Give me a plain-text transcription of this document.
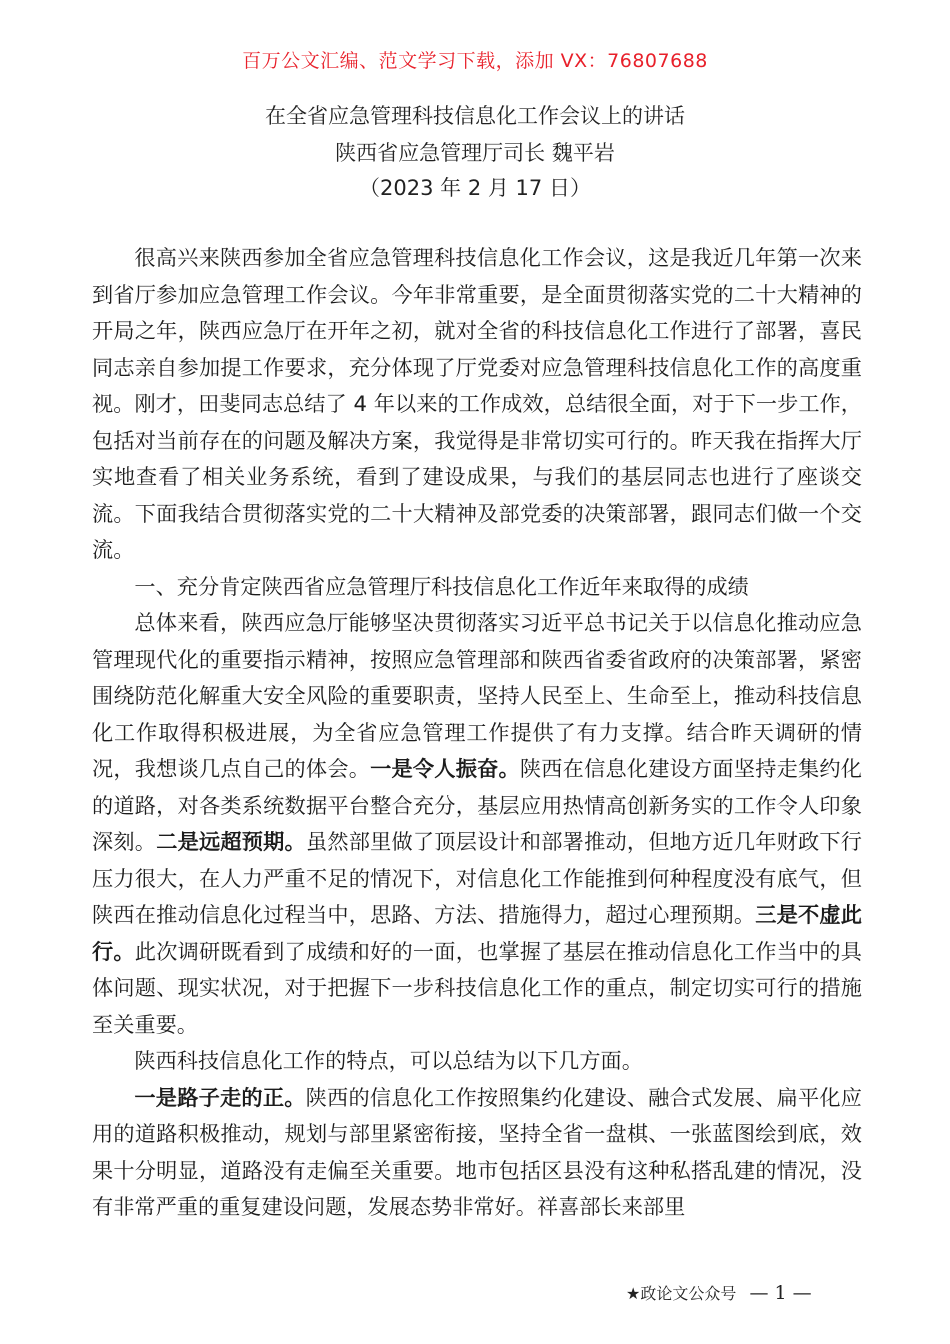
百万公文汇编、范文学习下载，添加 VX：76807688
在全省应急管理科技信息化工作会议上的讲话
陕西省应急管理厅司长 魏平岩
（2023 年 2 月 17 日）

很高兴来陕西参加全省应急管理科技信息化工作会议，这是我近几年第一次来到省厅参加应急管理工作会议。今年非常重要，是全面贯彻落实党的二十大精神的开局之年，陕西应急厅在开年之初，就对全省的科技信息化工作进行了部署，喜民同志亲自参加提工作要求，充分体现了厅党委对应急管理科技信息化工作的高度重视。刚才，田斐同志总结了 4 年以来的工作成效，总结很全面，对于下一步工作，包括对当前存在的问题及解决方案，我觉得是非常切实可行的。昨天我在指挥大厅实地查看了相关业务系统，看到了建设成果，与我们的基层同志也进行了座谈交流。下面我结合贯彻落实党的二十大精神及部党委的决策部署，跟同志们做一个交流。

一、充分肯定陕西省应急管理厅科技信息化工作近年来取得的成绩

总体来看，陕西应急厅能够坚决贯彻落实习近平总书记关于以信息化推动应急管理现代化的重要指示精神，按照应急管理部和陕西省委省政府的决策部署，紧密围绕防范化解重大安全风险的重要职责，坚持人民至上、生命至上，推动科技信息化工作取得积极进展，为全省应急管理工作提供了有力支撑。结合昨天调研的情况，我想谈几点自己的体会。一是令人振奋。陕西在信息化建设方面坚持走集约化的道路，对各类系统数据平台整合充分，基层应用热情高创新务实的工作令人印象深刻。二是远超预期。虽然部里做了顶层设计和部署推动，但地方近几年财政下行压力很大，在人力严重不足的情况下，对信息化工作能推到何种程度没有底气，但陕西在推动信息化过程当中，思路、方法、措施得力，超过心理预期。三是不虚此行。此次调研既看到了成绩和好的一面，也掌握了基层在推动信息化工作当中的具体问题、现实状况，对于把握下一步科技信息化工作的重点，制定切实可行的措施至关重要。

陕西科技信息化工作的特点，可以总结为以下几方面。

一是路子走的正。陕西的信息化工作按照集约化建设、融合式发展、扁平化应用的道路积极推动，规划与部里紧密衔接，坚持全省一盘棋、一张蓝图绘到底，效果十分明显，道路没有走偏至关重要。地市包括区县没有这种私搭乱建的情况，没有非常严重的重复建设问题，发展态势非常好。祥喜部长来部里

★政论文公众号 — 1 —
